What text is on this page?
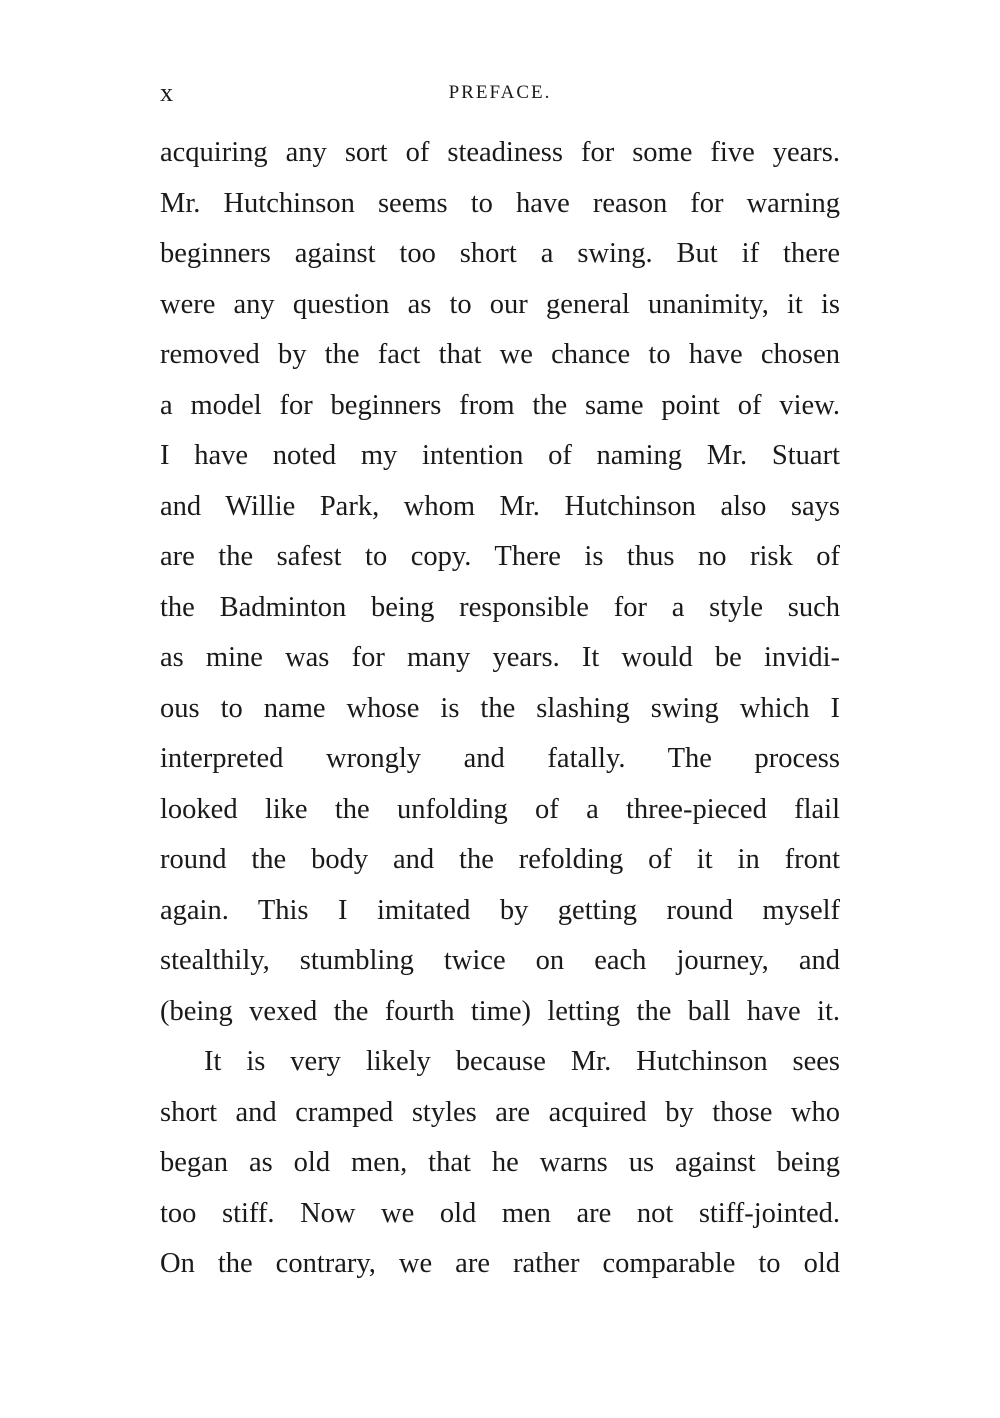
x	PREFACE.
acquiring any sort of steadiness for some five years.
Mr. Hutchinson seems to have reason for warning
beginners against too short a swing. But if there
were any question as to our general unanimity, it is
removed by the fact that we chance to have chosen
a model for beginners from the same point of view.
I have noted my intention of naming Mr. Stuart
and Willie Park, whom Mr. Hutchinson also says
are the safest to copy. There is thus no risk of
the Badminton being responsible for a style such
as mine was for many years. It would be invidi-
ous to name whose is the slashing swing which I
interpreted wrongly and fatally. The process
looked like the unfolding of a three-pieced flail
round the body and the refolding of it in front
again. This I imitated by getting round myself
stealthily, stumbling twice on each journey, and
(being vexed the fourth time) letting the ball have it.
It is very likely because Mr. Hutchinson sees
short and cramped styles are acquired by those who
began as old men, that he warns us against being
too stiff. Now we old men are not stiff-jointed.
On the contrary, we are rather comparable to old
